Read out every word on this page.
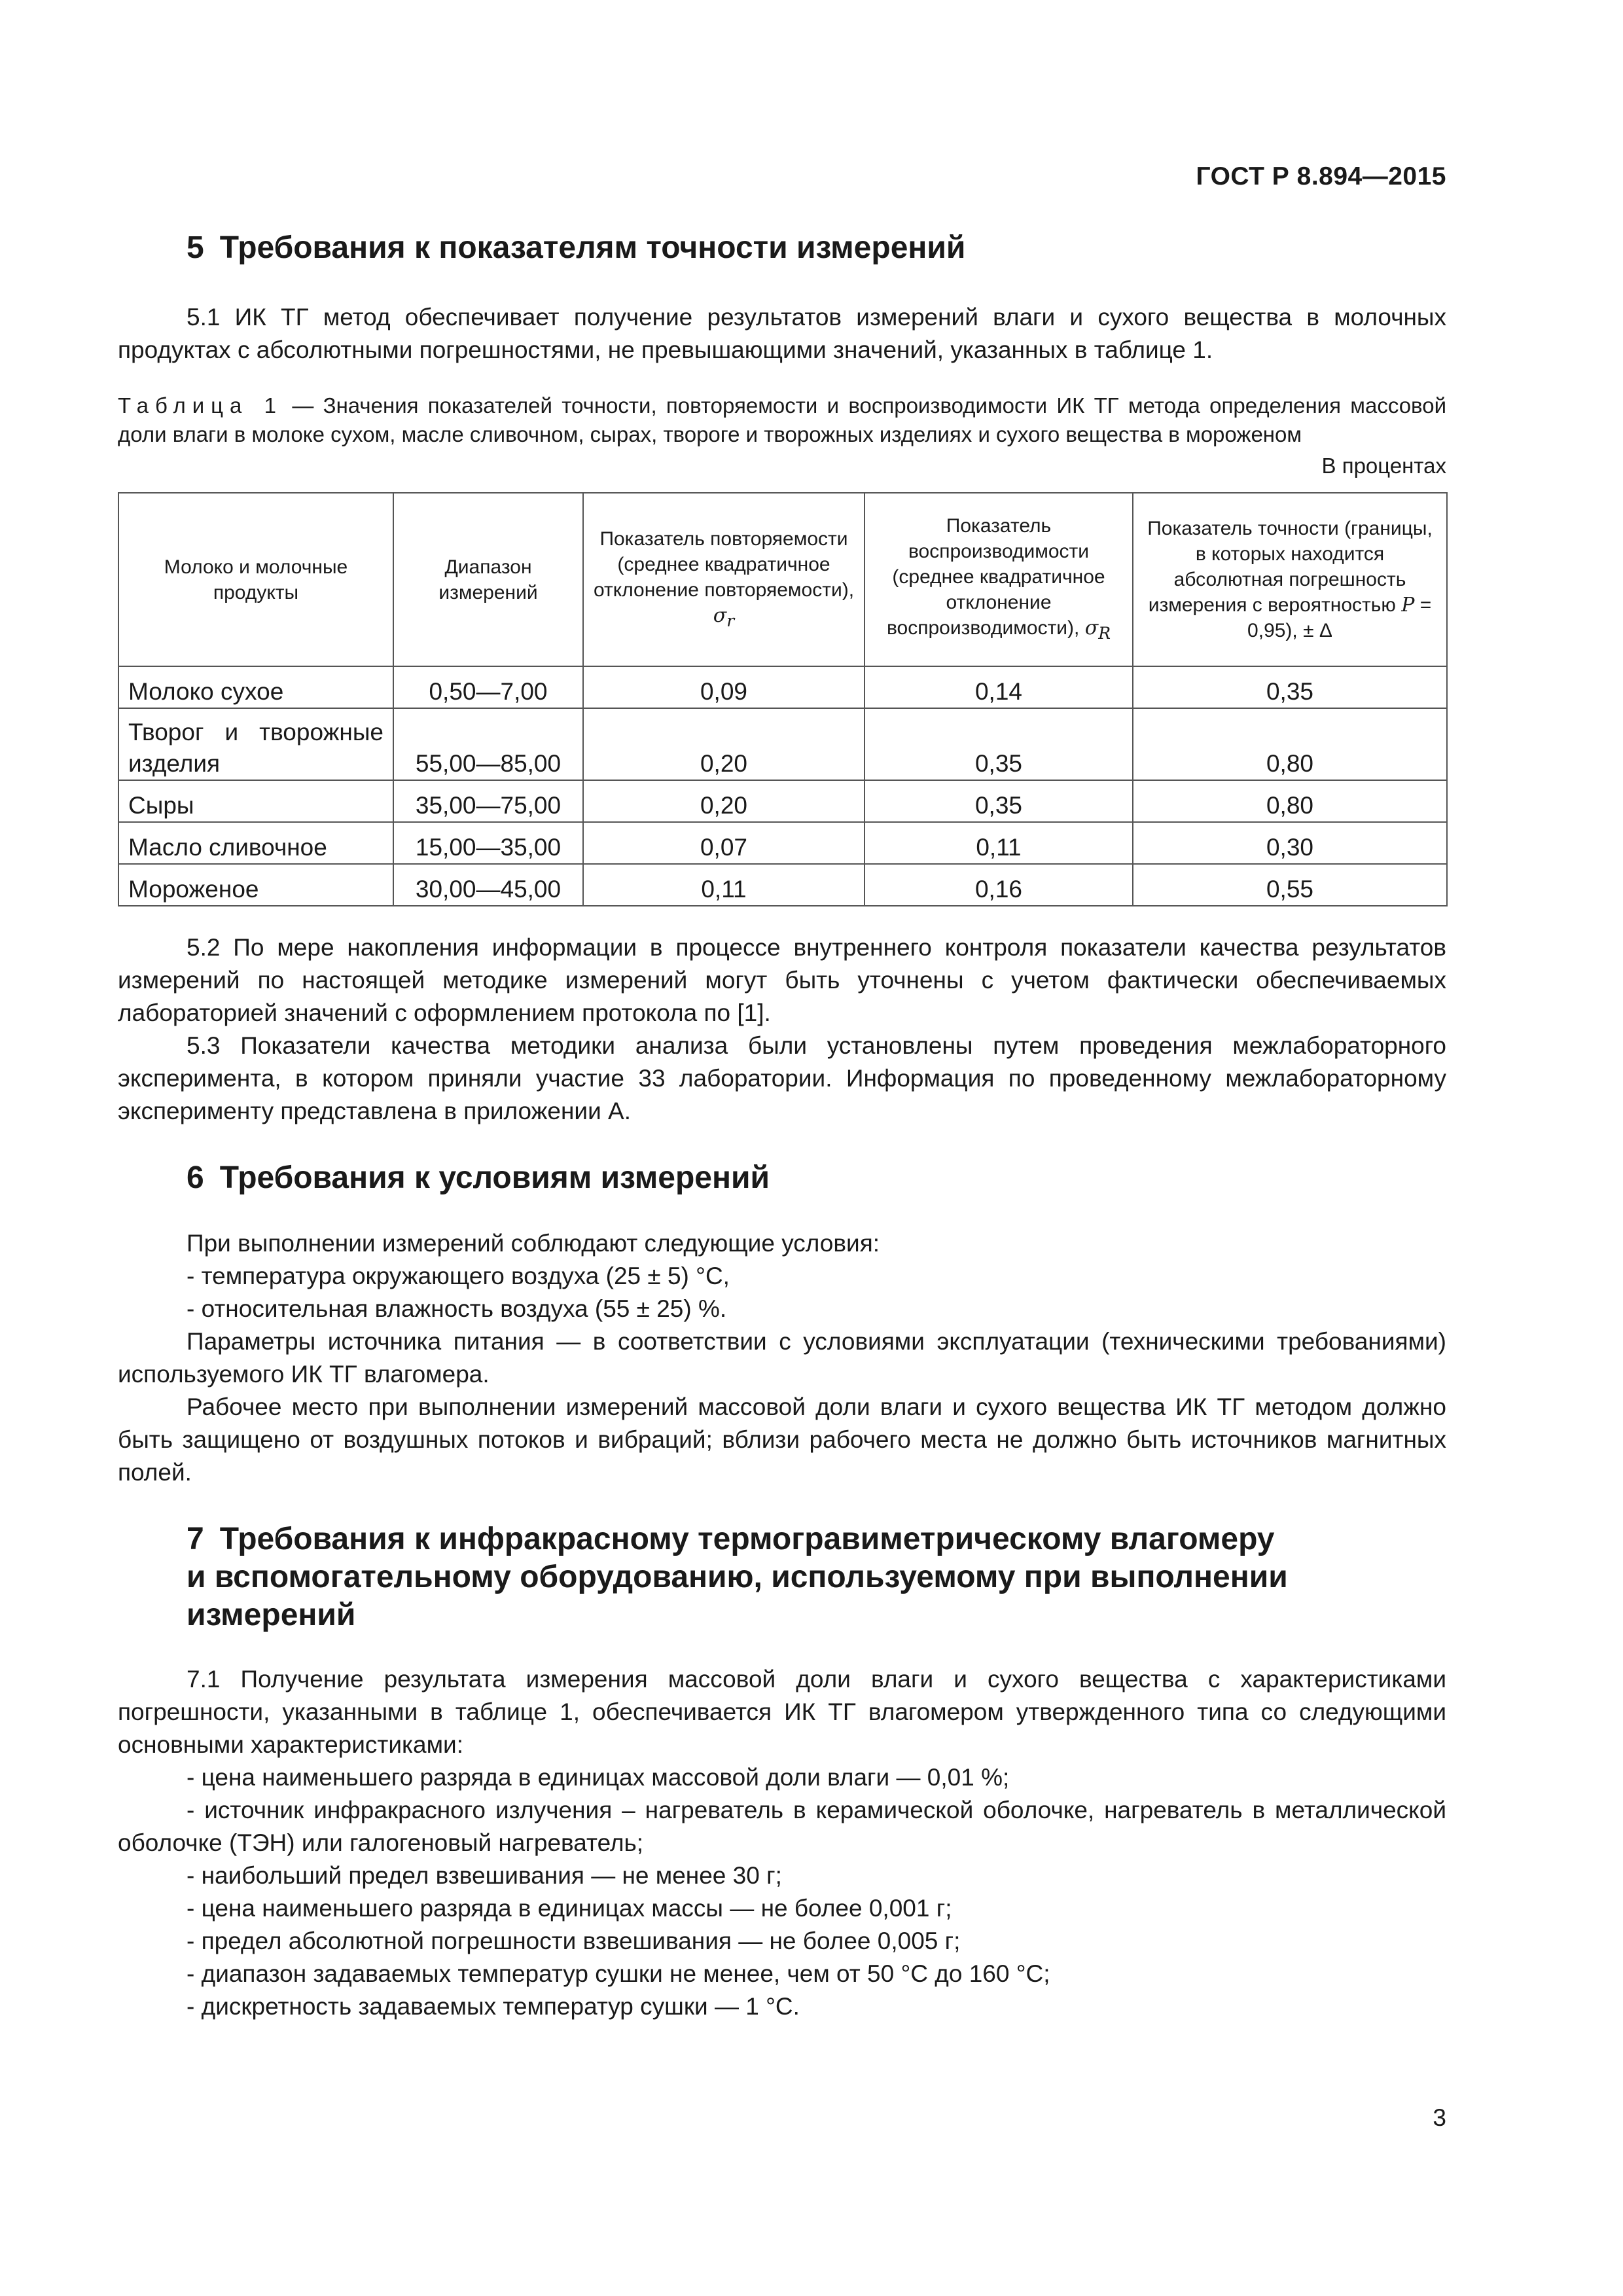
ГОСТ Р 8.894—2015
5 Требования к показателям точности измерений

5.1 ИК ТГ метод обеспечивает получение результатов измерений влаги и сухого вещества в молочных продуктах с абсолютными погрешностями, не превышающими значений, указанных в таблице 1.

Таблица 1 — Значения показателей точности, повторяемости и воспроизводимости ИК ТГ метода определения массовой доли влаги в молоке сухом, масле сливочном, сырах, твороге и творожных изделиях и сухого вещества в мороженом

В процентах

Молоко и молочные продукты	Диапазон измерений	Показатель повторяемости (среднее квадратичное отклонение повторяемости), $\sigma_r$	Показатель воспроизводимости (среднее квадратичное отклонение воспроизводимости), $\sigma_R$	Показатель точности (границы, в которых находится абсолютная погрешность измерения с вероятностью P = 0,95), ± Δ
Молоко сухое	0,50—7,00	0,09	0,14	0,35
Творог и творожные изделия	55,00—85,00	0,20	0,35	0,80
Сыры	35,00—75,00	0,20	0,35	0,80
Масло сливочное	15,00—35,00	0,07	0,11	0,30
Мороженое	30,00—45,00	0,11	0,16	0,55

5.2 По мере накопления информации в процессе внутреннего контроля показатели качества результатов измерений по настоящей методике измерений могут быть уточнены с учетом фактически обеспечиваемых лабораторией значений с оформлением протокола по [1].

5.3 Показатели качества методики анализа были установлены путем проведения межлабораторного эксперимента, в котором приняли участие 33 лаборатории. Информация по проведенному межлабораторному эксперименту представлена в приложении А.

6 Требования к условиям измерений

При выполнении измерений соблюдают следующие условия:

- температура окружающего воздуха (25 ± 5) °С,
- относительная влажность воздуха (55 ± 25) %.

Параметры источника питания — в соответствии с условиями эксплуатации (техническими требованиями) используемого ИК ТГ влагомера.

Рабочее место при выполнении измерений массовой доли влаги и сухого вещества ИК ТГ методом должно быть защищено от воздушных потоков и вибраций; вблизи рабочего места не должно быть источников магнитных полей.

7 Требования к инфракрасному термогравиметрическому влагомеру
и вспомогательному оборудованию, используемому при выполнении
измерений

7.1 Получение результата измерения массовой доли влаги и сухого вещества с характеристиками погрешности, указанными в таблице 1, обеспечивается ИК ТГ влагомером утвержденного типа со следующими основными характеристиками:

- цена наименьшего разряда в единицах массовой доли влаги — 0,01 %;
- источник инфракрасного излучения – нагреватель в керамической оболочке, нагреватель в металлической оболочке (ТЭН) или галогеновый нагреватель;
- наибольший предел взвешивания — не менее 30 г;
- цена наименьшего разряда в единицах массы — не более 0,001 г;
- предел абсолютной погрешности взвешивания — не более 0,005 г;
- диапазон задаваемых температур сушки не менее, чем от 50 °С до 160 °С;
- дискретность задаваемых температур сушки — 1 °С.
3
